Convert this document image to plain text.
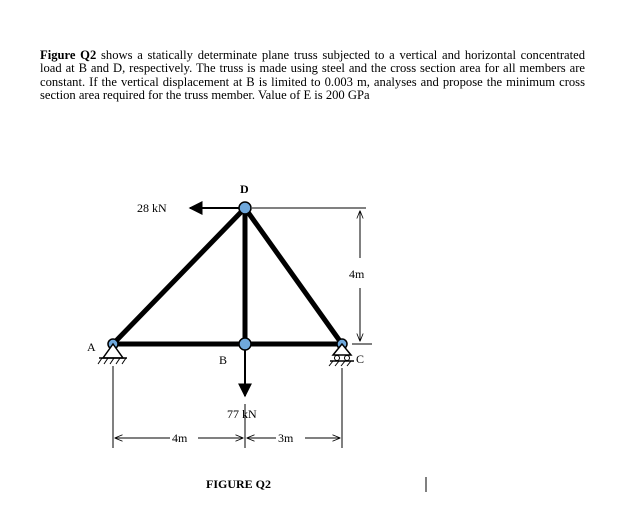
Figure Q2 shows a statically determinate plane truss subjected to a vertical and horizontal concentrated load at B and D, respectively. The truss is made using steel and the cross section area for all members are constant. If the vertical displacement at B is limited to 0.003 m, analyses and propose the minimum cross section area required for the truss member. Value of E is 200 GPa

A
B	C
D
28 kN
77 kN
4m
4m	3m
FIGURE Q2
